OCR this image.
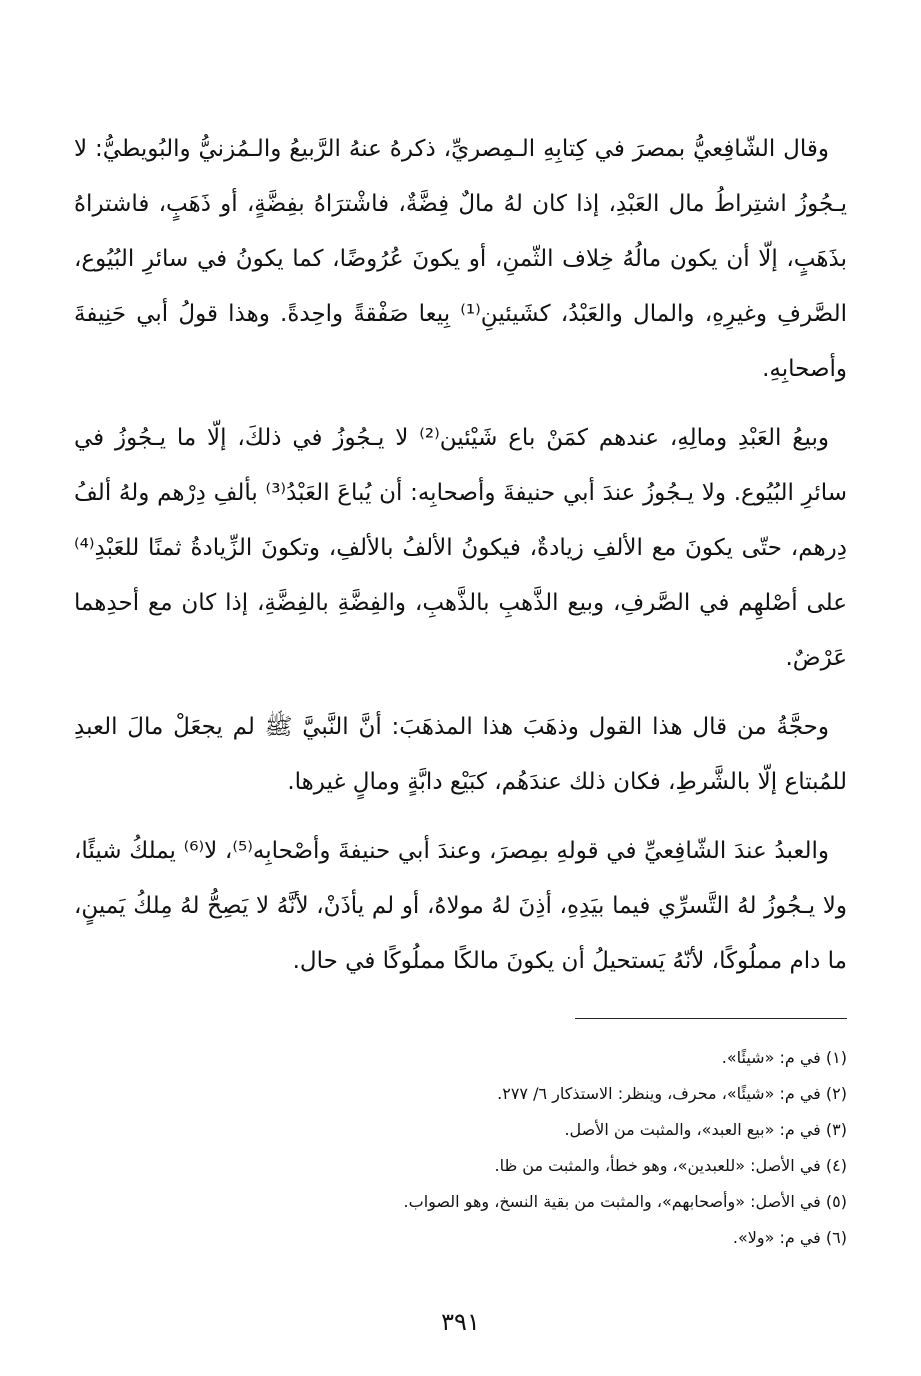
وقال الشّافِعيُّ بمصرَ في كِتابِهِ الـمِصريِّ، ذكرهُ عنهُ الرَّبيعُ والـمُزنيُّ والبُويطيُّ: لا يـجُوزُ اشتِراطُ مال العَبْدِ، إذا كان لهُ مالٌ فِضَّةٌ، فاشْترَاهُ بفِضَّةٍ، أو ذَهَبٍ، فاشتراهُ بذَهَبٍ، إلّا أن يكون مالُهُ خِلاف الثّمنِ، أو يكونَ عُرُوضًا، كما يكونُ في سائرِ البُيُوع، الصَّرفِ وغيرِهِ، والمال والعَبْدُ، كشَيئينِ⁽¹⁾ بِيعا صَفْقةً واحِدةً. وهذا قولُ أبي حَنِيفةَ وأصحابِهِ.

وبيعُ العَبْدِ ومالِهِ، عندهم كمَنْ باع شَيْئين⁽²⁾ لا يـجُوزُ في ذلكَ، إلّا ما يـجُوزُ في سائرِ البُيُوع. ولا يـجُوزُ عندَ أبي حنيفةَ وأصحابِه: أن يُباعَ العَبْدُ⁽³⁾ بألفِ دِرْهم ولهُ ألفُ دِرهم، حتّى يكونَ مع الألفِ زيادةٌ، فيكونُ الألفُ بالألفِ، وتكونَ الزِّيادةُ ثمنًا للعَبْدِ⁽⁴⁾ على أصْلهِم في الصَّرفِ، وبيع الذَّهبِ بالذَّهبِ، والفِضَّةِ بالفِضَّةِ، إذا كان مع أحدِهما عَرْضٌ.

وحجَّةُ من قال هذا القول وذهَبَ هذا المذهَبَ: أنَّ النَّبيَّ ﷺ لم يجعَلْ مالَ العبدِ للمُبتاع إلّا بالشَّرطِ، فكان ذلك عندَهُم، كبَيْع دابَّةٍ ومالٍ غيرها.

والعبدُ عندَ الشّافِعيِّ في قولهِ بمِصرَ، وعندَ أبي حنيفةَ وأصْحابِه⁽⁵⁾، لا⁽⁶⁾ يملكُ شيئًا، ولا يـجُوزُ لهُ التَّسرِّي فيما بيَدِهِ، أذِنَ لهُ مولاهُ، أو لم يأذَنْ، لأنَّهُ لا يَصِحُّ لهُ مِلكُ يَمينٍ، ما دام مملُوكًا، لأنّهُ يَستحيلُ أن يكونَ مالكًا مملُوكًا في حال.

(١) في م: «شيئًا».

(٢) في م: «شيئًا»، محرف، وينظر: الاستذكار ٦/ ٢٧٧.

(٣) في م: «بيع العبد»، والمثبت من الأصل.

(٤) في الأصل: «للعبدين»، وهو خطأ، والمثبت من ظا.

(٥) في الأصل: «وأصحابهم»، والمثبت من بقية النسخ، وهو الصواب.

(٦) في م: «ولا».

٣٩١
